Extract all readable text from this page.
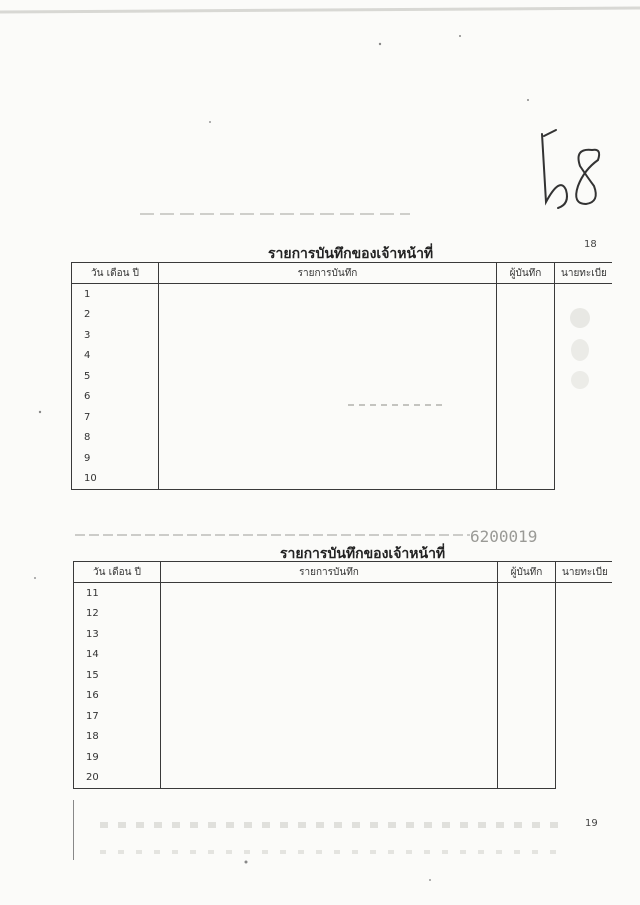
6200019
18
รายการบันทึกของเจ้าหน้าที่
วัน เดือน ปี	รายการบันทึก	ผู้บันทึก	นายทะเบีย
1			
2			
3			
4			
5			
6			
7			
8			
9			
10			
รายการบันทึกของเจ้าหน้าที่
วัน เดือน ปี	รายการบันทึก	ผู้บันทึก	นายทะเบีย
11			
12			
13			
14			
15			
16			
17			
18			
19			
20			
19
